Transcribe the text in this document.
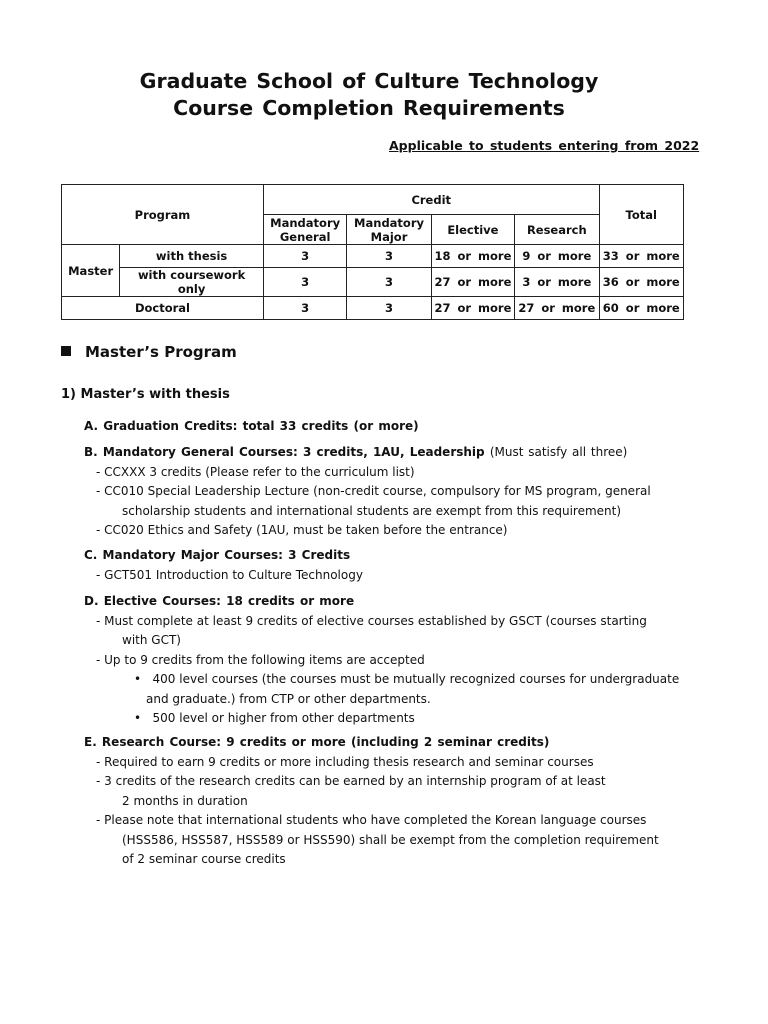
Graduate School of Culture Technology
Course Completion Requirements
Applicable to students entering from 2022
Program		Credit				Total
		Mandatory General	Mandatory Major	Elective	Research	
Master	with thesis	3	3	18 or more	9 or more	33 or more
	with coursework only	3	3	27 or more	3 or more	36 or more
Doctoral		3	3	27 or more	27 or more	60 or more
Master’s Program
1) Master’s with thesis
A. Graduation Credits: total 33 credits (or more)
B. Mandatory General Courses: 3 credits, 1AU, Leadership (Must satisfy all three)
- CCXXX 3 credits (Please refer to the curriculum list)
- CC010 Special Leadership Lecture (non-credit course, compulsory for MS program, general
scholarship students and international students are exempt from this requirement)
- CC020 Ethics and Safety (1AU, must be taken before the entrance)
C. Mandatory Major Courses: 3 Credits
- GCT501 Introduction to Culture Technology
D. Elective Courses: 18 credits or more
- Must complete at least 9 credits of elective courses established by GSCT (courses starting
with GCT)
- Up to 9 credits from the following items are accepted
•   400 level courses (the courses must be mutually recognized courses for undergraduate
and graduate.) from CTP or other departments.
•   500 level or higher from other departments
E. Research Course: 9 credits or more (including 2 seminar credits)
- Required to earn 9 credits or more including thesis research and seminar courses
- 3 credits of the research credits can be earned by an internship program of at least
2 months in duration
- Please note that international students who have completed the Korean language courses
(HSS586, HSS587, HSS589 or HSS590) shall be exempt from the completion requirement
of 2 seminar course credits
